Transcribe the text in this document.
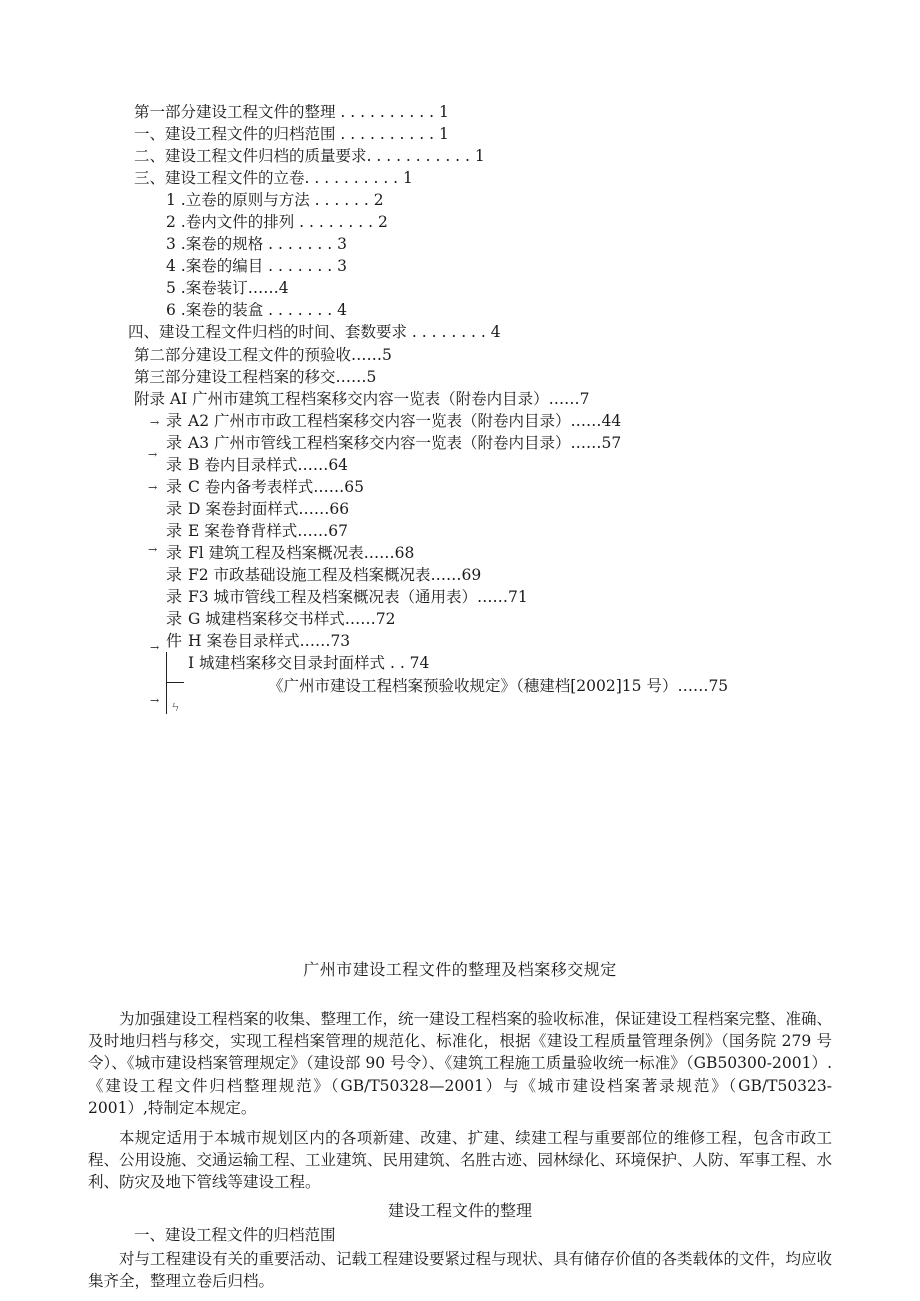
第一部分建设工程文件的整理 . . . . . . . . . . 1
一、建设工程文件的归档范围 . . . . . . . . . . 1
二、建设工程文件归档的质量要求. . . . . . . . . . . 1
三、建设工程文件的立卷. . . . . . . . . . 1
1 .立卷的原则与方法 . . . . . . 2
2 .卷内文件的排列 . . . . . . . . 2
3 .案卷的规格 . . . . . . . 3
4 .案卷的编目 . . . . . . . 3
5 .案卷装订……4
6 .案卷的装盒 . . . . . . . 4
四、建设工程文件归档的时间、套数要求 . . . . . . . . 4
第二部分建设工程文件的预验收……5
第三部分建设工程档案的移交……5
附录 AI 广州市建筑工程档案移交内容一览表（附卷内目录）……7
A2 广州市市政工程档案移交内容一览表（附卷内目录）……44
A3 广州市管线工程档案移交内容一览表（附卷内目录）……57
B 卷内目录样式……64
C 卷内备考表样式……65
D 案卷封面样式……66
E 案卷脊背样式……67
Fl 建筑工程及档案概况表……68
F2 市政基础设施工程及档案概况表……69
F3 城市管线工程及档案概况表（通用表）……71
G 城建档案移交书样式……72
H 案卷目录样式……73
I 城建档案移交目录封面样式 . . 74
《广州市建设工程档案预验收规定》（穗建档[2002]15 号）……75
录
录
录
录
录
录
录
录
录
录
件
→
→
→
→
→
→ ㄣ
广州市建设工程文件的整理及档案移交规定

为加强建设工程档案的收集、整理工作，统一建设工程档案的验收标准，保证建设工程档案完整、准确、及时地归档与移交，实现工程档案管理的规范化、标准化，根据《建设工程质量管理条例》（国务院 279 号令）、《城市建设档案管理规定》（建设部 90 号令）、《建筑工程施工质量验收统一标准》（GB50300-2001）.《建设工程文件归档整理规范》（GB/T50328—2001）与《城市建设档案著录规范》（GB/T50323-2001）,特制定本规定。

本规定适用于本城市规划区内的各项新建、改建、扩建、续建工程与重要部位的维修工程，包含市政工程、公用设施、交通运输工程、工业建筑、民用建筑、名胜古迹、园林绿化、环境保护、人防、军事工程、水利、防灾及地下管线等建设工程。

建设工程文件的整理
一、建设工程文件的归档范围

对与工程建设有关的重要活动、记载工程建设要紧过程与现状、具有储存价值的各类载体的文件，均应收集齐全，整理立卷后归档。
